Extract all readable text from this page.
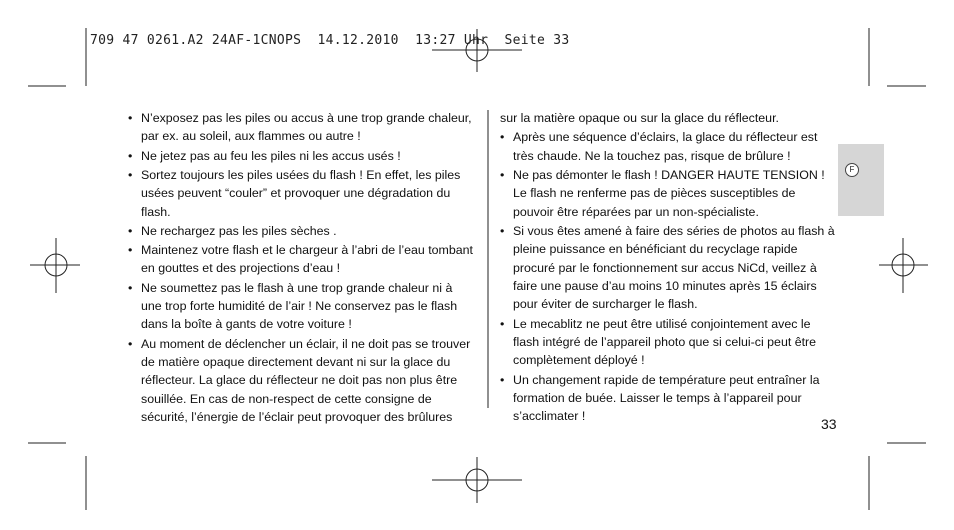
709 47 0261.A2 24AF-1CNOPS  14.12.2010  13:27 Uhr  Seite 33
• N’exposez pas les piles ou accus à une trop grande chaleur, par ex. au soleil, aux flammes ou autre !
• Ne jetez pas au feu les piles ni les accus usés !
• Sortez toujours les piles usées du flash ! En effet, les piles usées peuvent “couler” et provoquer une dégradation du flash.
• Ne rechargez pas les piles sèches .
• Maintenez votre flash et le chargeur à l’abri de l’eau tombant en gouttes et des projections d’eau !
• Ne soumettez pas le flash à une trop grande chaleur ni à une trop forte humidité de l’air ! Ne conservez pas le flash dans la boîte à gants de votre voiture !
• Au moment de déclencher un éclair, il ne doit pas se trouver de matière opaque directement devant ni sur la glace du réflecteur. La glace du réflecteur ne doit pas non plus être souillée. En cas de non-respect de cette consigne de sécurité, l’énergie de l’éclair peut provoquer des brûlures
sur la matière opaque ou sur la glace du réflecteur.
• Après une séquence d’éclairs, la glace du réflecteur est très chaude. Ne la touchez pas, risque de brûlure !
• Ne pas démonter le flash ! DANGER HAUTE TENSION ! Le flash ne renferme pas de pièces susceptibles de pouvoir être réparées par un non-spécialiste.
• Si vous êtes amené à faire des séries de photos au flash à pleine puissance en bénéficiant du recyclage rapide procuré par le fonctionnement sur accus NiCd, veillez à faire une pause d’au moins 10 minutes après 15 éclairs pour éviter de surcharger le flash.
• Le mecablitz ne peut être utilisé conjointement avec le flash intégré de l’appareil photo que si celui-ci peut être complètement déployé !
• Un changement rapide de température peut entraîner la formation de buée. Laisser le temps à l’appareil pour s’acclimater !
F
33
